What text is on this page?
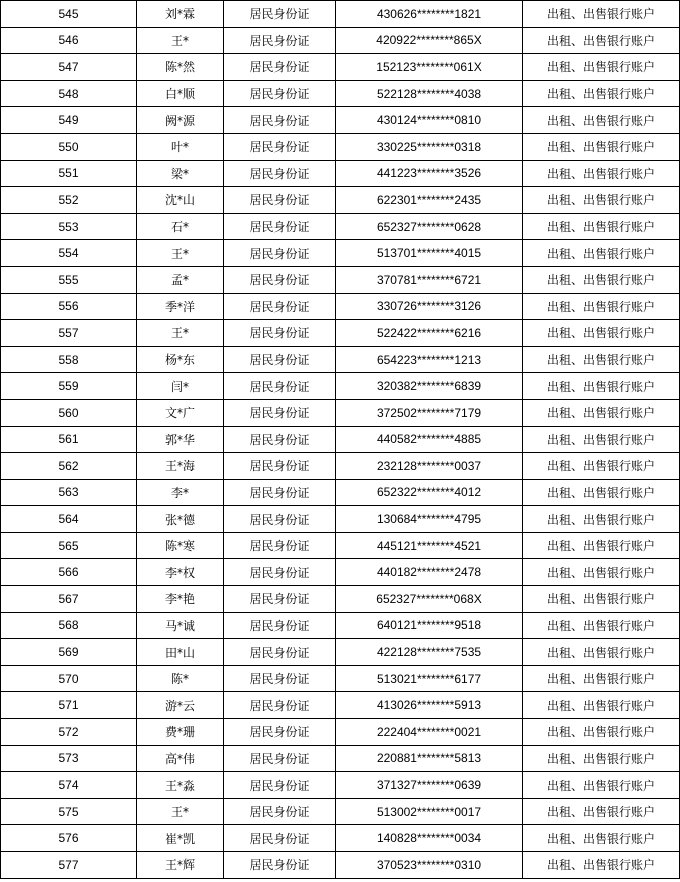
545	刘*霖	居民身份证	430626********1821	出租、出售银行账户
546	王*	居民身份证	420922********865X	出租、出售银行账户
547	陈*然	居民身份证	152123********061X	出租、出售银行账户
548	白*顺	居民身份证	522128********4038	出租、出售银行账户
549	阙*源	居民身份证	430124********0810	出租、出售银行账户
550	叶*	居民身份证	330225********0318	出租、出售银行账户
551	梁*	居民身份证	441223********3526	出租、出售银行账户
552	沈*山	居民身份证	622301********2435	出租、出售银行账户
553	石*	居民身份证	652327********0628	出租、出售银行账户
554	王*	居民身份证	513701********4015	出租、出售银行账户
555	孟*	居民身份证	370781********6721	出租、出售银行账户
556	季*洋	居民身份证	330726********3126	出租、出售银行账户
557	王*	居民身份证	522422********6216	出租、出售银行账户
558	杨*东	居民身份证	654223********1213	出租、出售银行账户
559	闫*	居民身份证	320382********6839	出租、出售银行账户
560	文*广	居民身份证	372502********7179	出租、出售银行账户
561	郭*华	居民身份证	440582********4885	出租、出售银行账户
562	王*海	居民身份证	232128********0037	出租、出售银行账户
563	李*	居民身份证	652322********4012	出租、出售银行账户
564	张*德	居民身份证	130684********4795	出租、出售银行账户
565	陈*寒	居民身份证	445121********4521	出租、出售银行账户
566	李*权	居民身份证	440182********2478	出租、出售银行账户
567	李*艳	居民身份证	652327********068X	出租、出售银行账户
568	马*诚	居民身份证	640121********9518	出租、出售银行账户
569	田*山	居民身份证	422128********7535	出租、出售银行账户
570	陈*	居民身份证	513021********6177	出租、出售银行账户
571	游*云	居民身份证	413026********5913	出租、出售银行账户
572	费*珊	居民身份证	222404********0021	出租、出售银行账户
573	高*伟	居民身份证	220881********5813	出租、出售银行账户
574	王*淼	居民身份证	371327********0639	出租、出售银行账户
575	王*	居民身份证	513002********0017	出租、出售银行账户
576	崔*凯	居民身份证	140828********0034	出租、出售银行账户
577	王*辉	居民身份证	370523********0310	出租、出售银行账户
